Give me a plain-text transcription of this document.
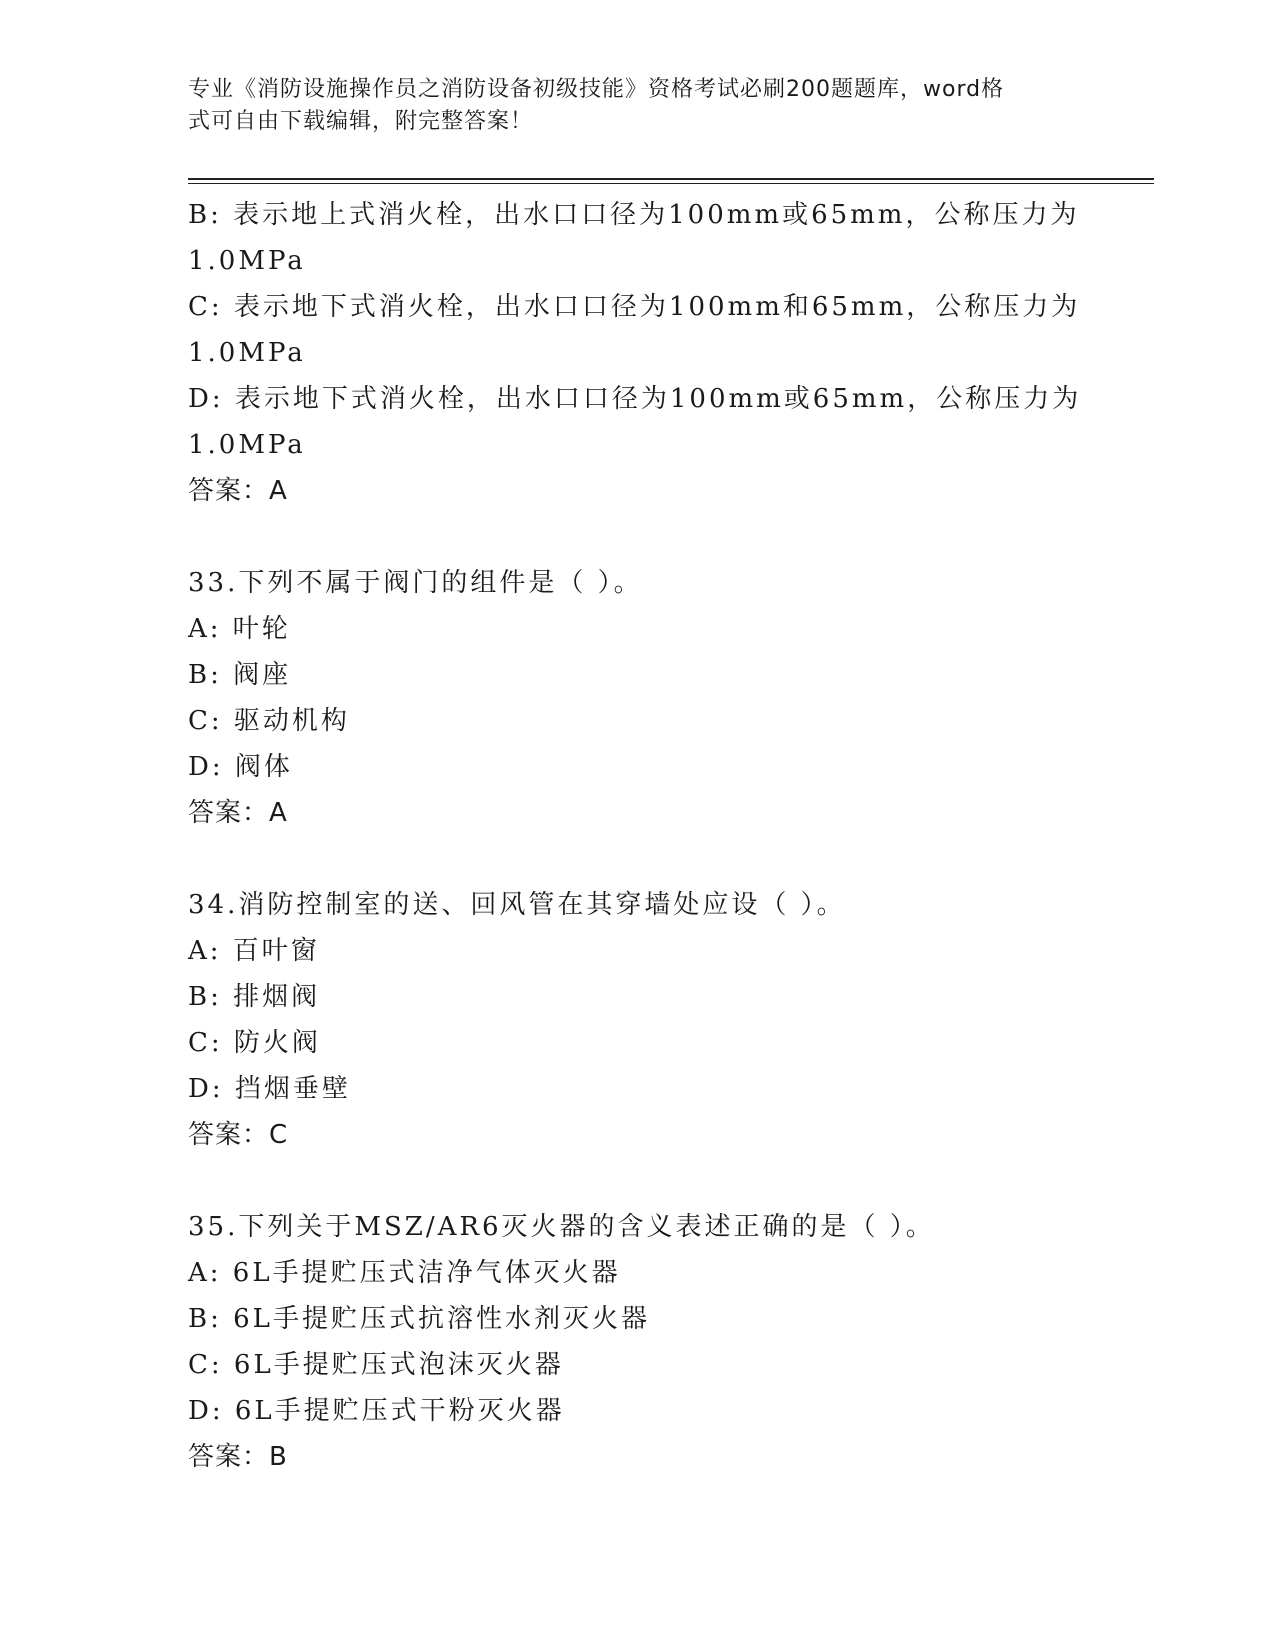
专业《消防设施操作员之消防设备初级技能》资格考试必刷200题题库，word格
式可自由下载编辑，附完整答案！
B: 表示地上式消火栓，出水口口径为100mm或65mm，公称压力为
1.0MPa
C: 表示地下式消火栓，出水口口径为100mm和65mm，公称压力为
1.0MPa
D: 表示地下式消火栓，出水口口径为100mm或65mm，公称压力为
1.0MPa
答案：A
33.下列不属于阀门的组件是（ ）。
A: 叶轮
B: 阀座
C: 驱动机构
D: 阀体
答案：A
34.消防控制室的送、回风管在其穿墙处应设（ ）。
A: 百叶窗
B: 排烟阀
C: 防火阀
D: 挡烟垂壁
答案：C
35.下列关于MSZ/AR6灭火器的含义表述正确的是（ ）。
A: 6L手提贮压式洁净气体灭火器
B: 6L手提贮压式抗溶性水剂灭火器
C: 6L手提贮压式泡沫灭火器
D: 6L手提贮压式干粉灭火器
答案：B
